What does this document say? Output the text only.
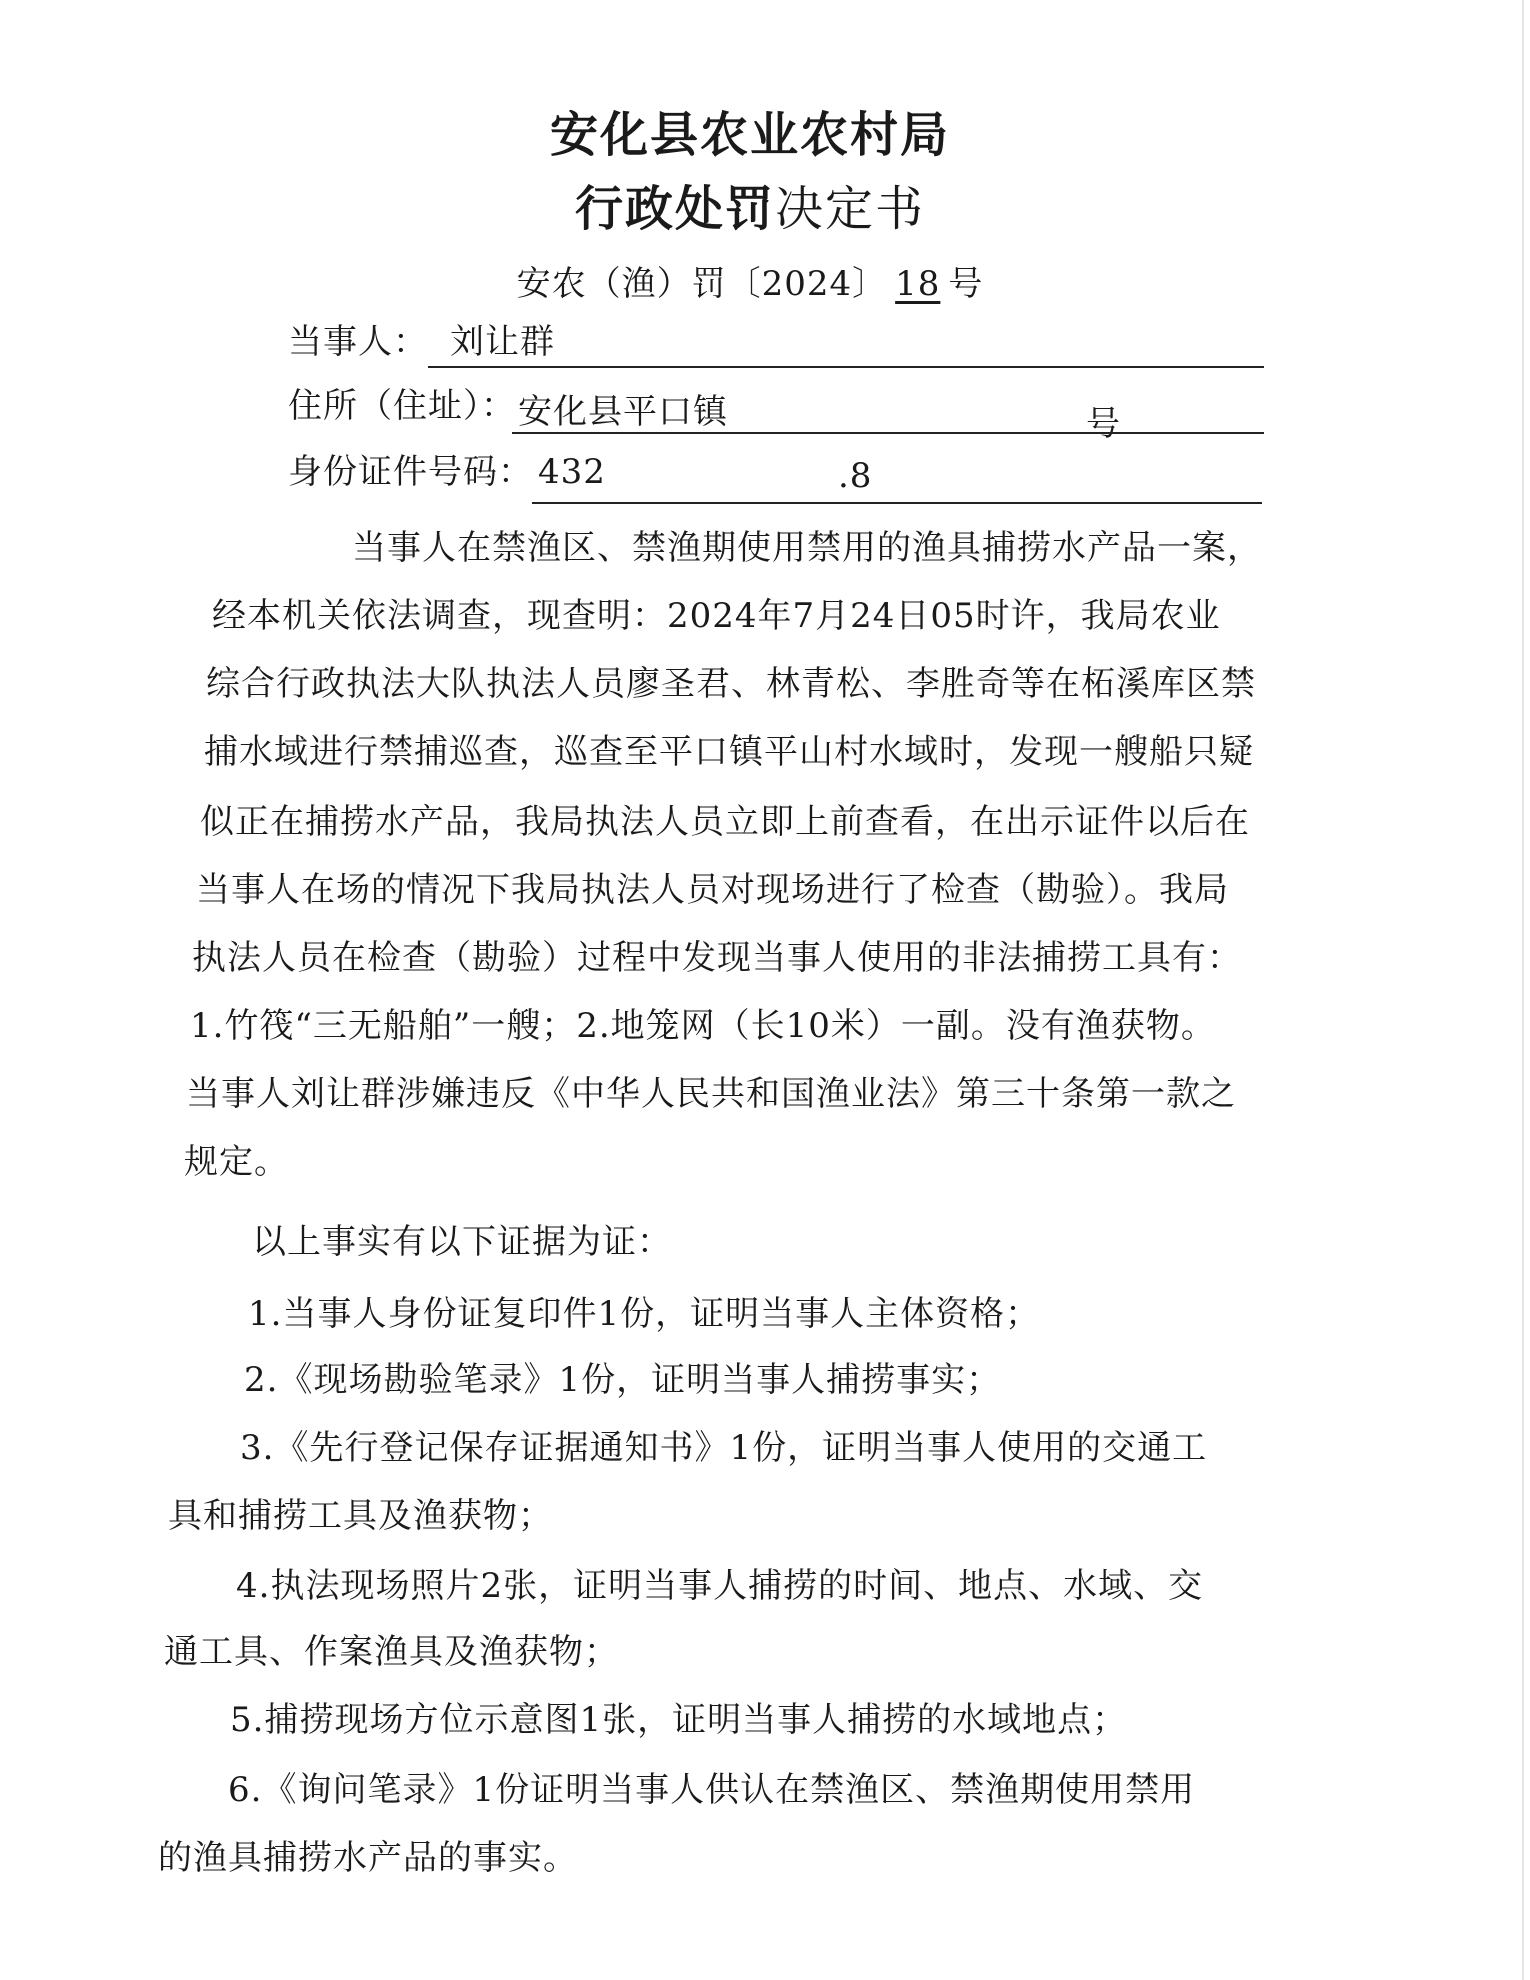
安化县农业农村局
行政处罚决定书
安农（渔）罚〔2024〕 18 号
当事人： 刘让群
住所（住址）： 安化县平口镇	号
身份证件号码： 432	.8
当事人在禁渔区、禁渔期使用禁用的渔具捕捞水产品一案，
经本机关依法调查，现查明：2024年7月24日05时许，我局农业
综合行政执法大队执法人员廖圣君、林青松、李胜奇等在柘溪库区禁
捕水域进行禁捕巡查，巡查至平口镇平山村水域时，发现一艘船只疑
似正在捕捞水产品，我局执法人员立即上前查看，在出示证件以后在
当事人在场的情况下我局执法人员对现场进行了检查（勘验）。我局
执法人员在检查（勘验）过程中发现当事人使用的非法捕捞工具有：
1.竹筏“三无船舶”一艘；2.地笼网（长10米）一副。没有渔获物。
当事人刘让群涉嫌违反《中华人民共和国渔业法》第三十条第一款之
规定。
以上事实有以下证据为证：
1.当事人身份证复印件1份，证明当事人主体资格；
2.《现场勘验笔录》1份，证明当事人捕捞事实；
3.《先行登记保存证据通知书》1份，证明当事人使用的交通工
具和捕捞工具及渔获物；
4.执法现场照片2张，证明当事人捕捞的时间、地点、水域、交
通工具、作案渔具及渔获物；
5.捕捞现场方位示意图1张，证明当事人捕捞的水域地点；
6.《询问笔录》1份证明当事人供认在禁渔区、禁渔期使用禁用
的渔具捕捞水产品的事实。
